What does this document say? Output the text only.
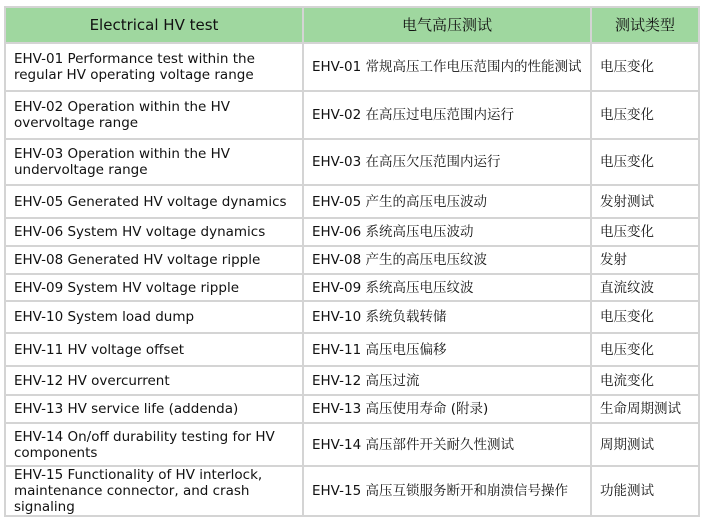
Electrical HV test	电气高压测试	测试类型
EHV-01 Performance test within the regular HV operating voltage range	EHV-01 常规高压工作电压范围内的性能测试	电压变化
EHV-02 Operation within the HV overvoltage range	EHV-02 在高压过电压范围内运行	电压变化
EHV-03 Operation within the HV undervoltage range	EHV-03 在高压欠压范围内运行	电压变化
EHV-05 Generated HV voltage dynamics	EHV-05 产生的高压电压波动	发射测试
EHV-06 System HV voltage dynamics	EHV-06 系统高压电压波动	电压变化
EHV-08 Generated HV voltage ripple	EHV-08 产生的高压电压纹波	发射
EHV-09 System HV voltage ripple	EHV-09 系统高压电压纹波	直流纹波
EHV-10 System load dump	EHV-10 系统负载转储	电压变化
EHV-11 HV voltage offset	EHV-11 高压电压偏移	电压变化
EHV-12 HV overcurrent	EHV-12 高压过流	电流变化
EHV-13 HV service life (addenda)	EHV-13 高压使用寿命 (附录)	生命周期测试
EHV-14 On/off durability testing for HV components	EHV-14 高压部件开关耐久性测试	周期测试
EHV-15 Functionality of HV interlock, maintenance connector, and crash signaling	EHV-15 高压互锁服务断开和崩溃信号操作	功能测试
